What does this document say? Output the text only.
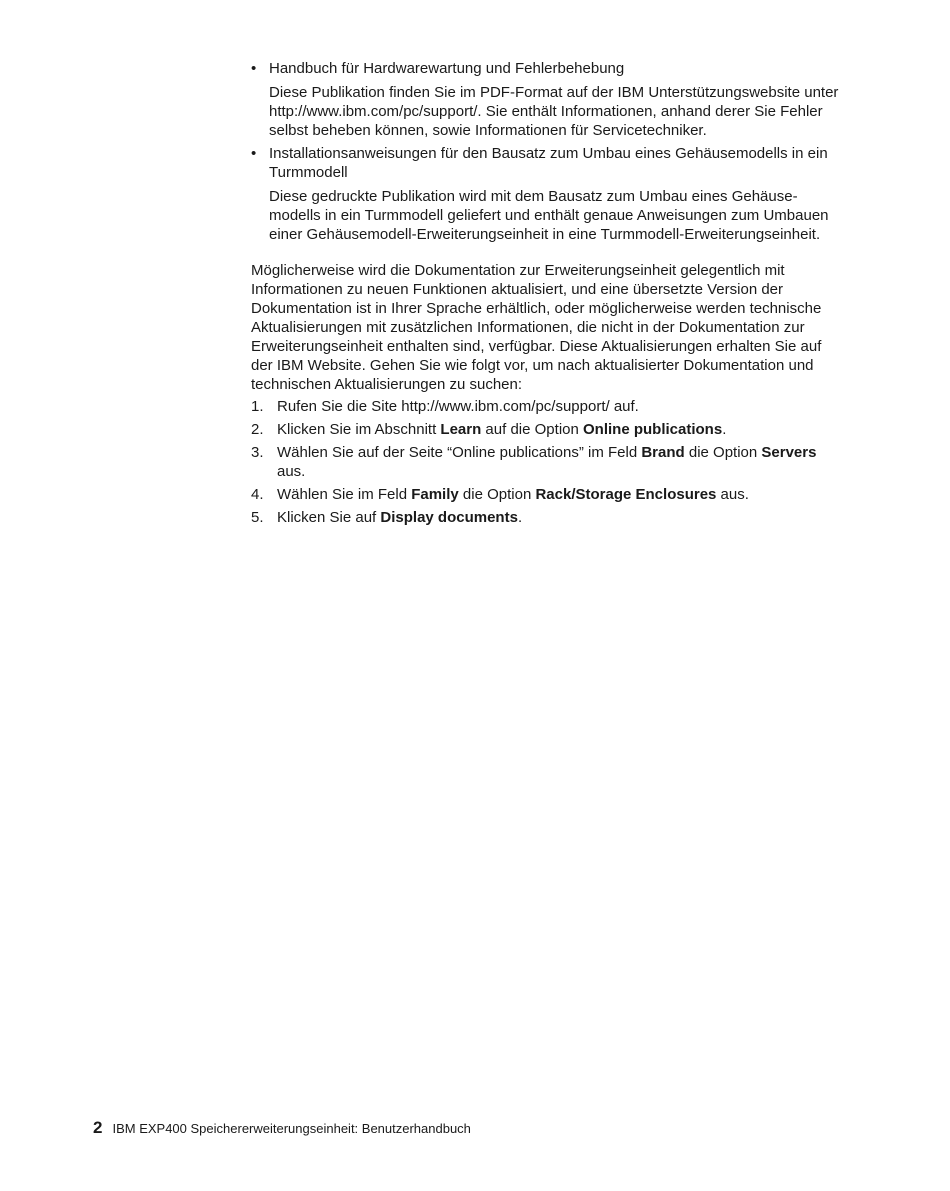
• Handbuch für Hardwarewartung und Fehlerbehebung
Diese Publikation finden Sie im PDF-Format auf der IBM Unterstützungswebsite unter http://www.ibm.com/pc/support/. Sie enthält Informationen, anhand derer Sie Fehler selbst beheben können, sowie Informationen für Servicetechniker.
• Installationsanweisungen für den Bausatz zum Umbau eines Gehäusemodells in ein Turmmodell
Diese gedruckte Publikation wird mit dem Bausatz zum Umbau eines Gehäusemodells in ein Turmmodell geliefert und enthält genaue Anweisungen zum Umbauen einer Gehäusemodell-Erweiterungseinheit in eine Turmmodell-Erweiterungseinheit.

Möglicherweise wird die Dokumentation zur Erweiterungseinheit gelegentlich mit Informationen zu neuen Funktionen aktualisiert, und eine übersetzte Version der Dokumentation ist in Ihrer Sprache erhältlich, oder möglicherweise werden technische Aktualisierungen mit zusätzlichen Informationen, die nicht in der Dokumentation zur Erweiterungseinheit enthalten sind, verfügbar. Diese Aktualisierungen erhalten Sie auf der IBM Website. Gehen Sie wie folgt vor, um nach aktualisierter Dokumentation und technischen Aktualisierungen zu suchen:

1. Rufen Sie die Site http://www.ibm.com/pc/support/ auf.
2. Klicken Sie im Abschnitt Learn auf die Option Online publications.
3. Wählen Sie auf der Seite “Online publications” im Feld Brand die Option Servers aus.
4. Wählen Sie im Feld Family die Option Rack/Storage Enclosures aus.
5. Klicken Sie auf Display documents.
2 IBM EXP400 Speichererweiterungseinheit: Benutzerhandbuch
